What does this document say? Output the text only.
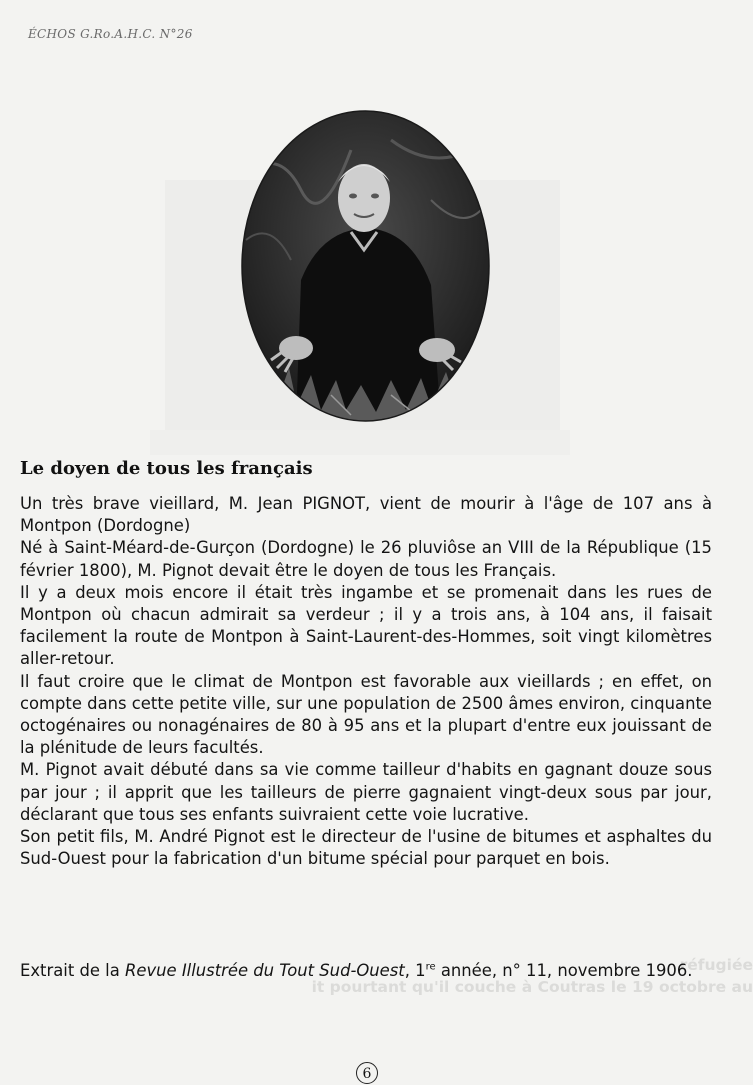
ÉCHOS G.Ro.A.H.C. N°26
Le doyen de tous les français

Un très brave vieillard, M. Jean PIGNOT, vient de mourir à l'âge de 107 ans à Montpon (Dordogne)

Né à Saint-Méard-de-Gurçon (Dordogne) le 26 pluviôse an VIII de la République (15 février 1800), M. Pignot devait être le doyen de tous les Français.

Il y a deux mois encore il était très ingambe et se promenait dans les rues de Montpon où chacun admirait sa verdeur ; il y a trois ans, à 104 ans, il faisait facilement la route de Montpon à Saint-Laurent-des-Hommes, soit vingt kilomètres aller-retour.

Il faut croire que le climat de Montpon est favorable aux vieillards ; en effet, on compte dans cette petite ville, sur une population de 2500 âmes environ, cinquante octogénaires ou nonagénaires de 80 à 95 ans et la plupart d'entre eux jouissant de la plénitude de leurs facultés.

M. Pignot avait débuté dans sa vie comme tailleur d'habits en gagnant douze sous par jour ; il apprit que les tailleurs de pierre gagnaient vingt-deux sous par jour, déclarant que tous ses enfants suivraient cette voie lucrative.

Son petit fils, M. André Pignot est le directeur de l'usine de bitumes et asphaltes du Sud-Ouest pour la fabrication d'un bitume spécial pour parquet en bois.

réfugiée
it pourtant qu'il couche à Coutras le 19 octobre au
Extrait de la Revue Illustrée du Tout Sud-Ouest, 1re année, n° 11, novembre 1906.
6
